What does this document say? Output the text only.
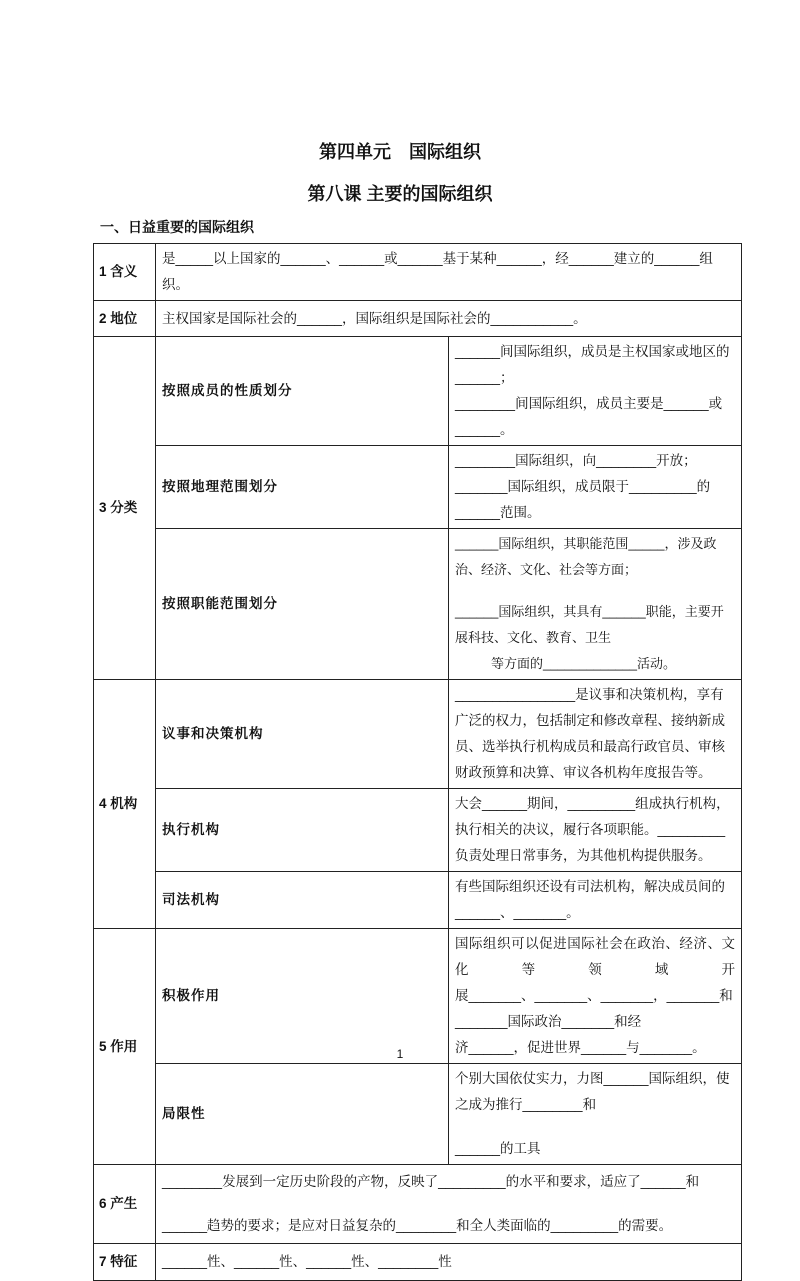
第四单元　国际组织
第八课 主要的国际组织
一、日益重要的国际组织
1 含义	是_____以上国家的______、______或______基于某种______，经______建立的______组织。	
2 地位	主权国家是国际社会的______，国际组织是国际社会的___________。	
3 分类	按照成员的性质划分	______间国际组织，成员是主权国家或地区的______；
________间国际组织，成员主要是______或______。

	按照地理范围划分	________国际组织，向________开放；
_______国际组织，成员限于_________的______范围。

	按照职能范围划分	______国际组织，其职能范围_____，涉及政治、经济、文化、社会等方面；
______国际组织，其具有______职能，主要开展科技、文化、教育、卫生
等方面的_____________活动。

4 机构	议事和决策机构	________________是议事和决策机构，享有广泛的权力，包括制定和修改章程、接纳新成员、选举执行机构成员和最高行政官员、审核财政预算和决算、审议各机构年度报告等。
	执行机构	大会______期间，_________组成执行机构，执行相关的决议，履行各项职能。_________负责处理日常事务，为其他机构提供服务。
	司法机构	有些国际组织还设有司法机构，解决成员间的______、_______。
5 作用	积极作用	国际组织可以促进国际社会在政治、经济、文化等领域开
展_______、_______、_______，_______和_______国际政治_______和经
济______，促进世界______与_______。

	局限性	个别大国依仗实力，力图______国际组织，使之成为推行________和
______的工具

6 产生	________发展到一定历史阶段的产物，反映了_________的水平和要求，适应了______和
______趋势的要求；是应对日益复杂的________和全人类面临的_________的需要。	

7 特征	______性、______性、______性、________性	
1
